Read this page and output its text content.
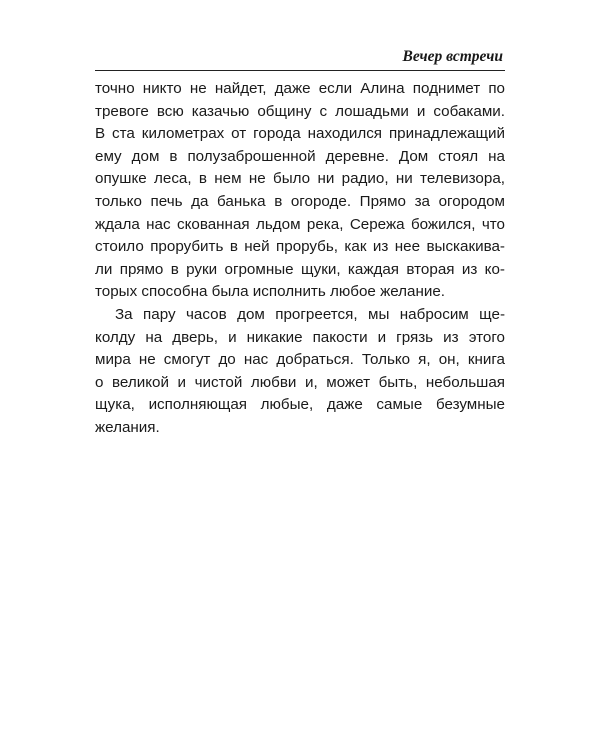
Вечер встречи
точно никто не найдет, даже если Алина поднимет по
тревоге всю казачью общину с лошадьми и собаками.
В ста километрах от города находился принадлежащий
ему дом в полузаброшенной деревне. Дом стоял на
опушке леса, в нем не было ни радио, ни телевизора,
только печь да банька в огороде. Прямо за огородом
ждала нас скованная льдом река, Сережа божился, что
стоило прорубить в ней прорубь, как из нее выскакива-
ли прямо в руки огромные щуки, каждая вторая из ко-
торых способна была исполнить любое желание.
За пару часов дом прогреется, мы набросим ще-
колду на дверь, и никакие пакости и грязь из этого
мира не смогут до нас добраться. Только я, он, книга
о великой и чистой любви и, может быть, небольшая
щука, исполняющая любые, даже самые безумные
желания.
